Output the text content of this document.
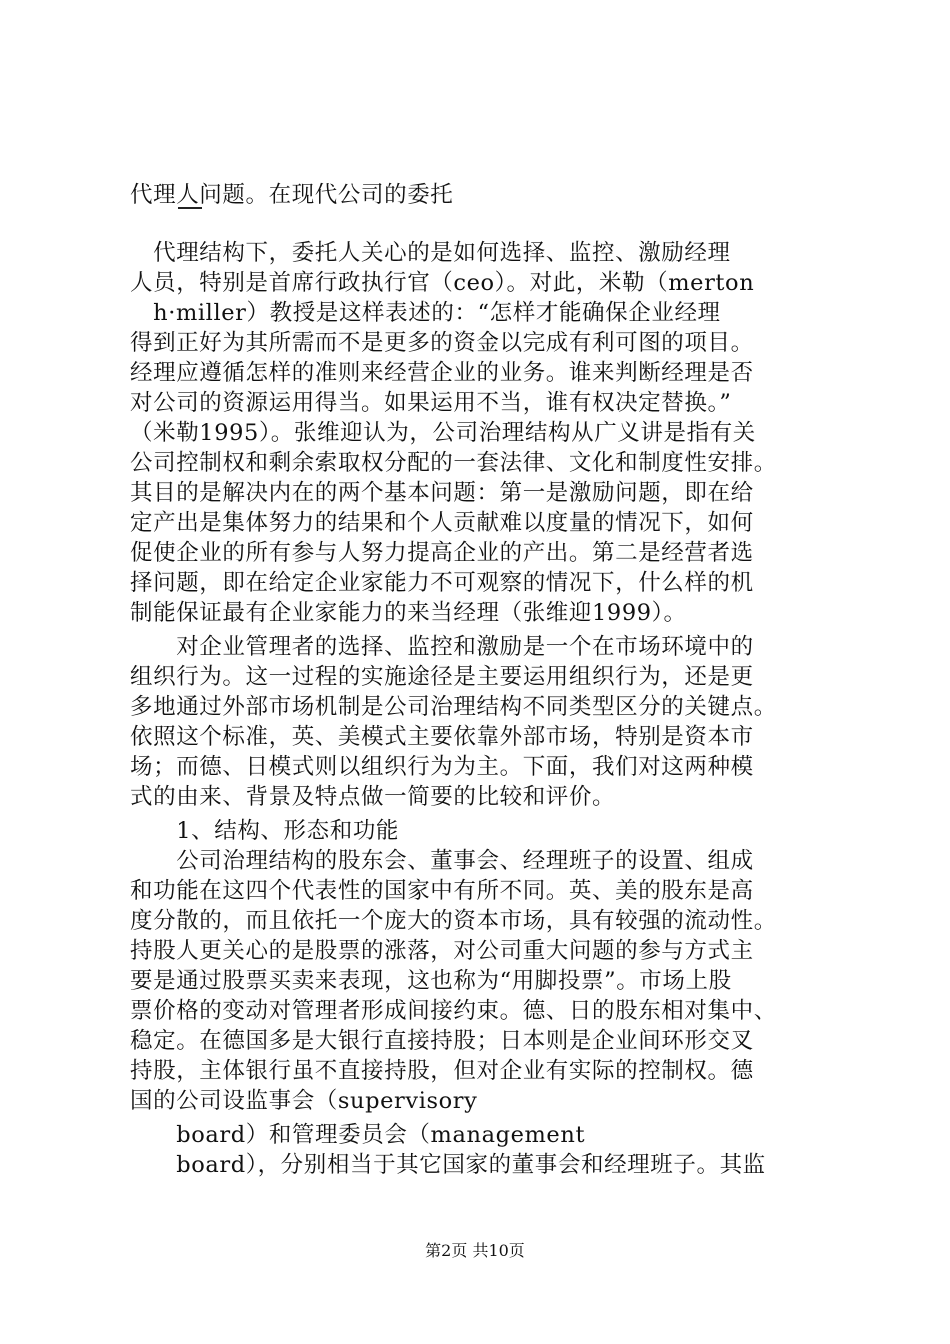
代理人问题。在现代公司的委托
　代理结构下，委托人关心的是如何选择、监控、激励经理
人员，特别是首席行政执行官（ceo）。对此，米勒（merton
　h·miller）教授是这样表述的：“怎样才能确保企业经理
得到正好为其所需而不是更多的资金以完成有利可图的项目。
经理应遵循怎样的准则来经营企业的业务。谁来判断经理是否
对公司的资源运用得当。如果运用不当，谁有权决定替换。”
（米勒1995）。张维迎认为，公司治理结构从广义讲是指有关
公司控制权和剩余索取权分配的一套法律、文化和制度性安排。
其目的是解决内在的两个基本问题：第一是激励问题，即在给
定产出是集体努力的结果和个人贡献难以度量的情况下，如何
促使企业的所有参与人努力提高企业的产出。第二是经营者选
择问题，即在给定企业家能力不可观察的情况下，什么样的机
制能保证最有企业家能力的来当经理（张维迎1999）。
　　对企业管理者的选择、监控和激励是一个在市场环境中的
组织行为。这一过程的实施途径是主要运用组织行为，还是更
多地通过外部市场机制是公司治理结构不同类型区分的关键点。
依照这个标准，英、美模式主要依靠外部市场，特别是资本市
场；而德、日模式则以组织行为为主。下面，我们对这两种模
式的由来、背景及特点做一简要的比较和评价。
　　1、结构、形态和功能
　　公司治理结构的股东会、董事会、经理班子的设置、组成
和功能在这四个代表性的国家中有所不同。英、美的股东是高
度分散的，而且依托一个庞大的资本市场，具有较强的流动性。
持股人更关心的是股票的涨落，对公司重大问题的参与方式主
要是通过股票买卖来表现，这也称为“用脚投票”。市场上股
票价格的变动对管理者形成间接约束。德、日的股东相对集中、
稳定。在德国多是大银行直接持股；日本则是企业间环形交叉
持股，主体银行虽不直接持股，但对企业有实际的控制权。德
国的公司设监事会（supervisory
　　board）和管理委员会（management
　　board），分别相当于其它国家的董事会和经理班子。其监
第2页 共10页
